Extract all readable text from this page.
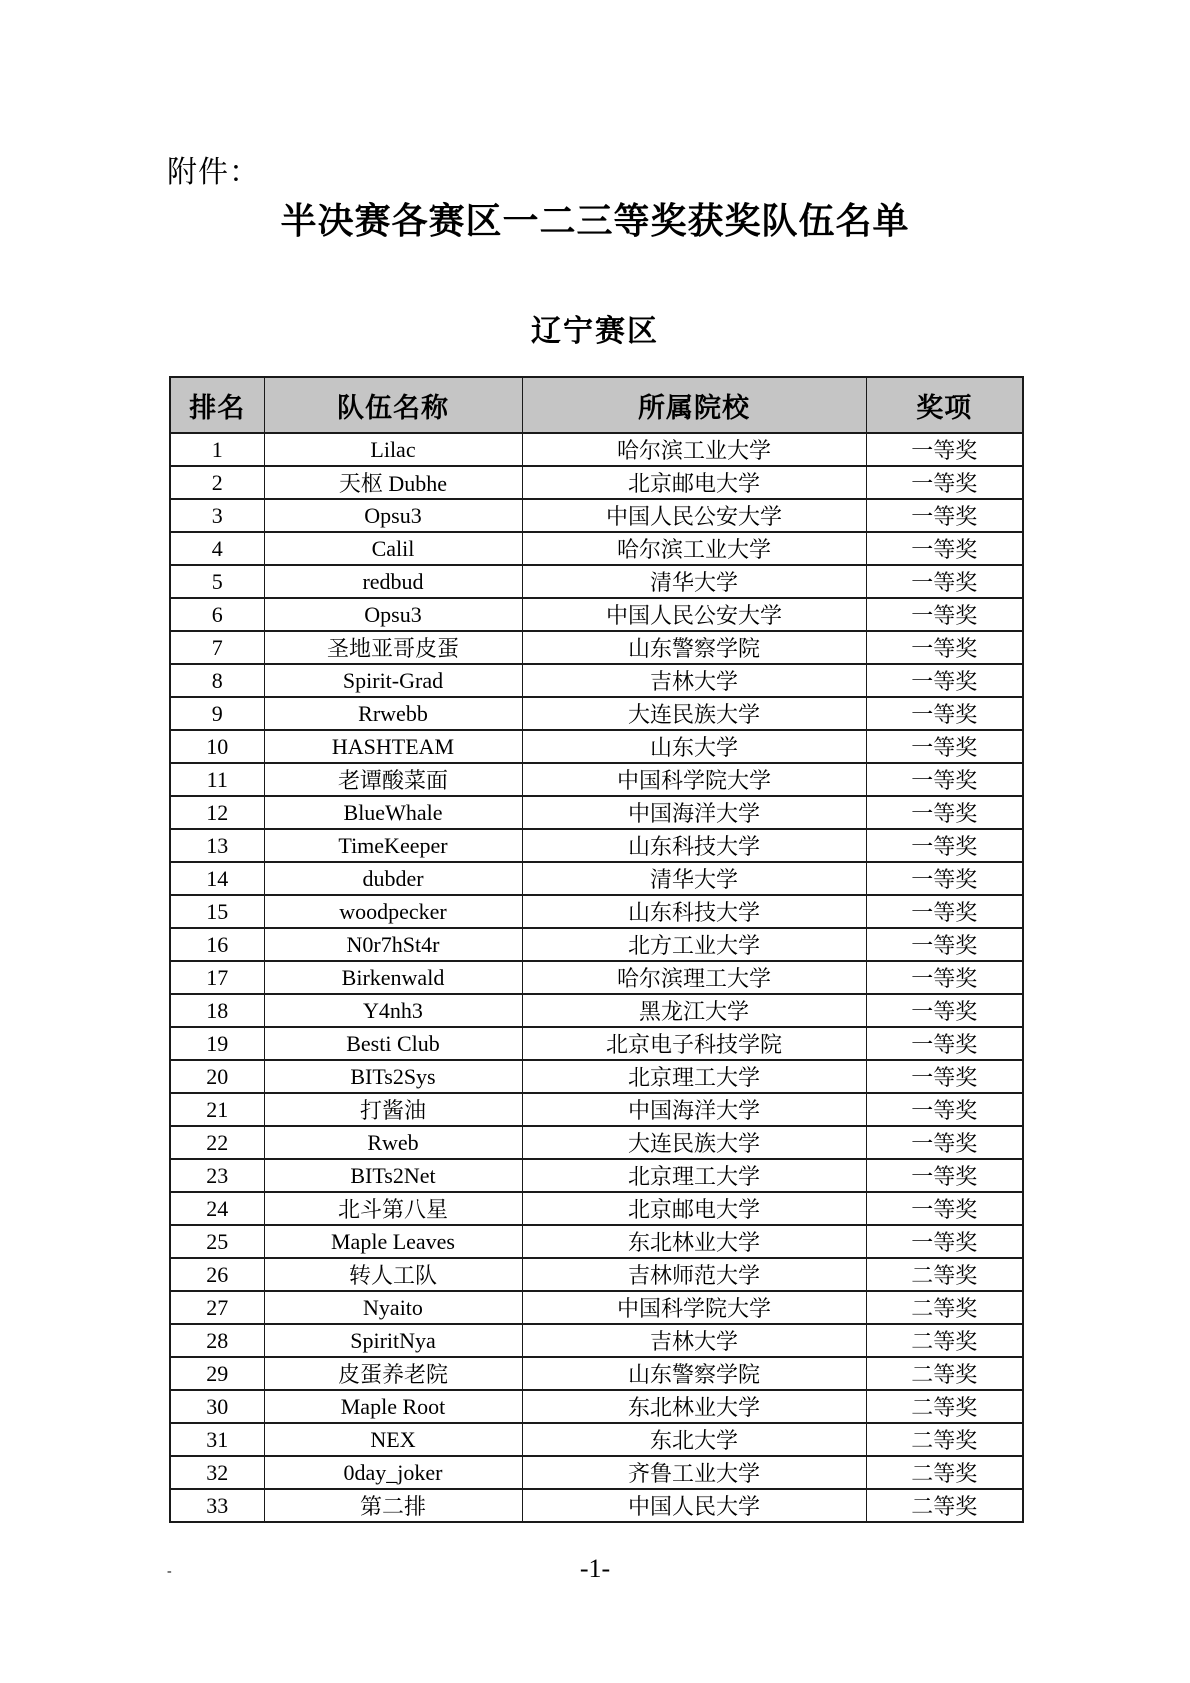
附件：
半决赛各赛区一二三等奖获奖队伍名单
辽宁赛区
排名	队伍名称	所属院校	奖项
1	Lilac	哈尔滨工业大学	一等奖
2	天枢 Dubhe	北京邮电大学	一等奖
3	Opsu3	中国人民公安大学	一等奖
4	Calil	哈尔滨工业大学	一等奖
5	redbud	清华大学	一等奖
6	Opsu3	中国人民公安大学	一等奖
7	圣地亚哥皮蛋	山东警察学院	一等奖
8	Spirit-Grad	吉林大学	一等奖
9	Rrwebb	大连民族大学	一等奖
10	HASHTEAM	山东大学	一等奖
11	老谭酸菜面	中国科学院大学	一等奖
12	BlueWhale	中国海洋大学	一等奖
13	TimeKeeper	山东科技大学	一等奖
14	dubder	清华大学	一等奖
15	woodpecker	山东科技大学	一等奖
16	N0r7hSt4r	北方工业大学	一等奖
17	Birkenwald	哈尔滨理工大学	一等奖
18	Y4nh3	黑龙江大学	一等奖
19	Besti Club	北京电子科技学院	一等奖
20	BITs2Sys	北京理工大学	一等奖
21	打酱油	中国海洋大学	一等奖
22	Rweb	大连民族大学	一等奖
23	BITs2Net	北京理工大学	一等奖
24	北斗第八星	北京邮电大学	一等奖
25	Maple Leaves	东北林业大学	一等奖
26	转人工队	吉林师范大学	二等奖
27	Nyaito	中国科学院大学	二等奖
28	SpiritNya	吉林大学	二等奖
29	皮蛋养老院	山东警察学院	二等奖
30	Maple Root	东北林业大学	二等奖
31	NEX	东北大学	二等奖
32	0day_joker	齐鲁工业大学	二等奖
33	第二排	中国人民大学	二等奖
-	-1-
